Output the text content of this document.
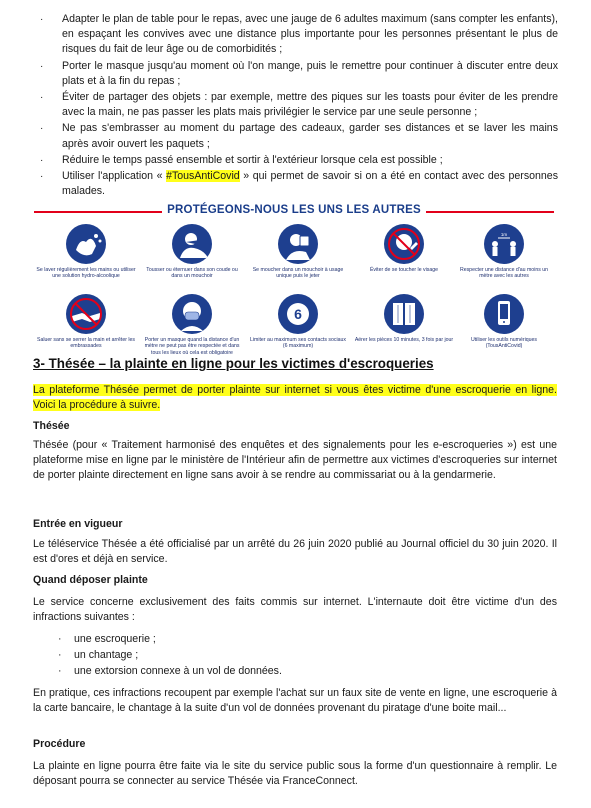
· Adapter le plan de table pour le repas, avec une jauge de 6 adultes maximum (sans compter les enfants), en espaçant les convives avec une distance plus importante pour les personnes présentant le plus de risques du fait de leur âge ou de comorbidités ;
· Porter le masque jusqu'au moment où l'on mange, puis le remettre pour continuer à discuter entre deux plats et à la fin du repas ;
· Éviter de partager des objets : par exemple, mettre des piques sur les toasts pour éviter de les prendre avec la main, ne pas passer les plats mais privilégier le service par une seule personne ;
· Ne pas s'embrasser au moment du partage des cadeaux, garder ses distances et se laver les mains après avoir ouvert les paquets ;
· Réduire le temps passé ensemble et sortir à l'extérieur lorsque cela est possible ;
· Utiliser l'application « #TousAntiCovid » qui permet de savoir si on a été en contact avec des personnes malades.
PROTÉGEONS-NOUS LES UNS LES AUTRES
Se laver régulièrement les mains ou utiliser une solution hydro-alcoolique
Tousser ou éternuer dans son coude ou dans un mouchoir
Se moucher dans un mouchoir à usage unique puis le jeter
Éviter de se toucher le visage
1m
Respecter une distance d'au moins un mètre avec les autres
Saluer sans se serrer la main et arrêter les embrassades
Porter un masque quand la distance d'un mètre ne peut pas être respectée et dans tous les lieux où cela est obligatoire
6
Limiter au maximum ses contacts sociaux (6 maximum)
Aérer les pièces 10 minutes, 3 fois par jour	Utiliser les outils numériques (TousAntiCovid)
3- Thésée – la plainte en ligne pour les victimes d'escroqueries
La plateforme Thésée permet de porter plainte sur internet si vous êtes victime d'une escroquerie en ligne. Voici la procédure à suivre.
Thésée
Thésée (pour « Traitement harmonisé des enquêtes et des signalements pour les e-escroqueries ») est une plateforme mise en ligne par le ministère de l'Intérieur afin de permettre aux victimes d'escroqueries sur internet de porter plainte directement en ligne sans avoir à se rendre au commissariat ou à la gendarmerie.
Entrée en vigueur
Le téléservice Thésée a été officialisé par un arrêté du 26 juin 2020 publié au Journal officiel du 30 juin 2020. Il est d'ores et déjà en service.
Quand déposer plainte
Le service concerne exclusivement des faits commis sur internet. L'internaute doit être victime d'un des infractions suivantes :
· une escroquerie ;
· un chantage ;
· une extorsion connexe à un vol de données.
En pratique, ces infractions recoupent par exemple l'achat sur un faux site de vente en ligne, une escroquerie à la carte bancaire, le chantage à la suite d'un vol de données provenant du piratage d'une boite mail...
Procédure
La plainte en ligne pourra être faite via le site du service public sous la forme d'un questionnaire à remplir. Le déposant pourra se connecter au service Thésée via FranceConnect.
